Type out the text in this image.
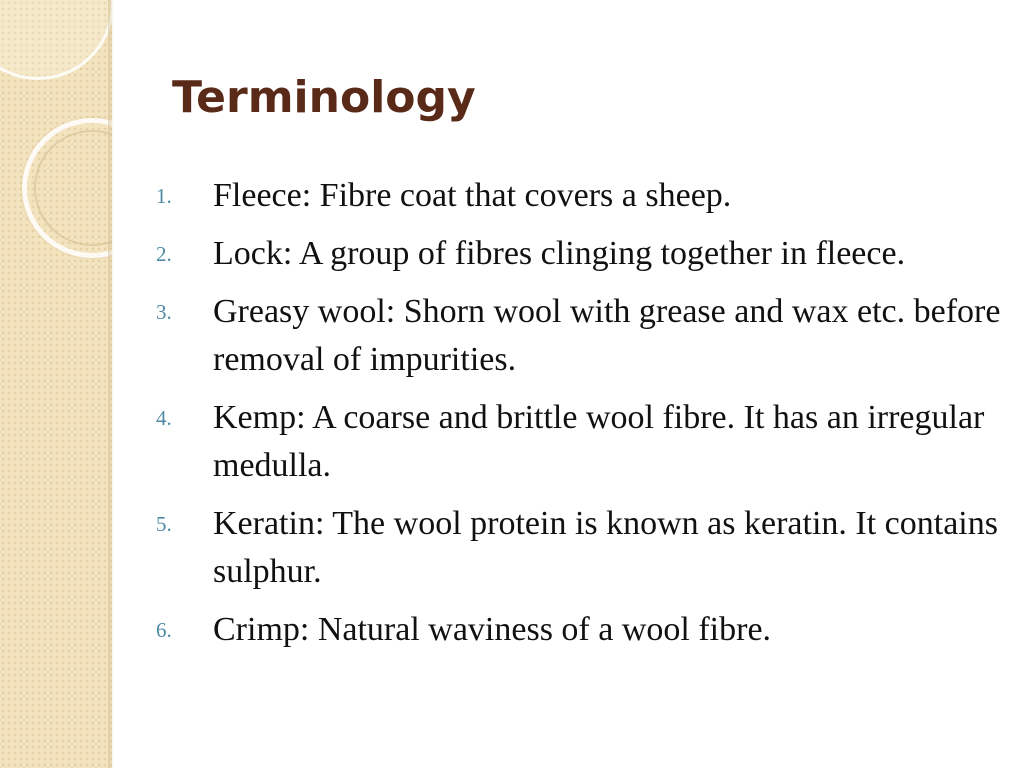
Terminology
1.	Fleece: Fibre coat that covers a sheep.
2.	Lock: A group of fibres clinging together in fleece.
3.	Greasy wool: Shorn wool with grease and wax etc. before removal of impurities.
4.	Kemp: A coarse and brittle wool fibre. It has an irregular medulla.
5.	Keratin: The wool protein is known as keratin. It contains sulphur.
6.	Crimp: Natural waviness of a wool fibre.
